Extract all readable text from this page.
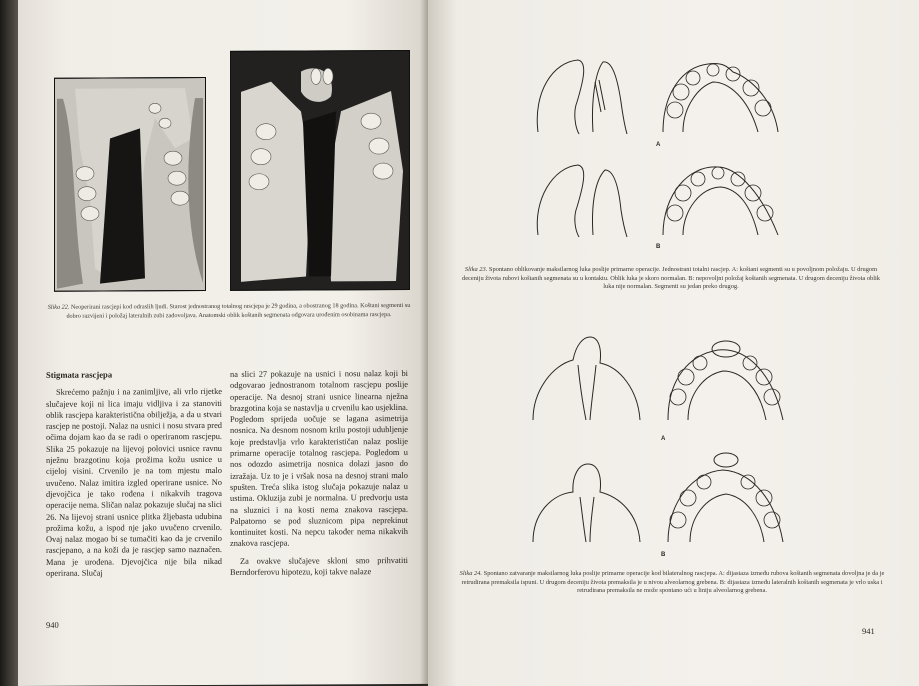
Slika 22. Neoperirani rascjepi kod odraslih ljudi. Starost jednostranog totalnog rascjepa je 29 godina, a obostranog 18 godina. Koštani segmenti su dobro razvijeni i položaj lateralnih zubi zadovoljava. Anatomski oblik koštanih segmenata odgovara urođenim osobinama rascjepa.
Stigmata rascjepa

Skrećemo pažnju i na zanimljive, ali vrlo rijetke slučajeve koji ni lica imaju vidljiva i za stanoviti oblik rascjepa karakteristična obilježja, a da u stvari rascjep ne postoji. Nalaz na usnici i nosu stvara pred očima dojam kao da se radi o operiranom rascjepu. Slika 25 pokazuje na lijevoj polovici usnice ravnu nježnu brazgotinu koja prožima kožu usnice u cijeloj visini. Crvenilo je na tom mjestu malo uvučeno. Nalaz imitira izgled operirane usnice. No djevojčica je tako rođena i nikakvih tragova operacije nema. Sličan nalaz pokazuje slučaj na slici 26. Na lijevoj strani usnice plitka žljebasta udubina prožima kožu, a ispod nje jako uvučeno crvenilo. Ovaj nalaz mogao bi se tumačiti kao da je crvenilo rascjepano, a na koži da je rascjep samo naznačen. Mana je urođena. Djevojčica nije bila nikad operirana. Slučaj

na slici 27 pokazuje na usnici i nosu nalaz koji bi odgovarao jednostranom totalnom rascjepu poslije operacije. Na desnoj strani usnice linearna nježna brazgotina koja se nastavlja u crvenilu kao usjeklina. Pogledom sprijeda uočuje se lagana asimetrija nosnica. Na desnom nosnom krilu postoji udubljenje koje predstavlja vrlo karakterističan nalaz poslije primarne operacije totalnog rascjepa. Pogledom u nos odozdo asimetrija nosnica dolazi jasno do izražaja. Uz to je i vršak nosa na desnoj strani malo spušten. Treća slika istog slučaja pokazuje nalaz u ustima. Okluzija zubi je normalna. U predvorju usta na sluznici i na kosti nema znakova rascjepa. Palpatorno se pod sluznicom pipa neprekinut kontinuitet kosti. Na nepcu također nema nikakvih znakova rascjepa.

Za ovakve slučajeve skloni smo prihvatiti Berndorferovu hipotezu, koji takve nalaze

940
A
B
Slika 23. Spontano oblikovanje maksilarnog luka poslije primarne operacije. Jednostrani totalni rascjep. A: koštani segmenti su u povoljnom položaju. U drugom deceniju života rubovi koštanih segmenata su u kontaktu. Oblik luka je skoro normalan. B: nepovoljni položaj koštanih segmenata. U drugom deceniju života oblik luka nije normalan. Segmenti su jedan preko drugog.
A
B
Slika 24. Spontano zatvaranje maksilarnog luka poslije primarne operacije kod bilateralnog rascjepa. A: dijastaza između rubova koštanih segmenata dovoljna je da je retrudirana premaksila ispuni. U drugom deceniju života premaksila je u nivou alveolarnog grebena. B: dijastaza između lateralnih koštanih segmenata je vrlo uska i retrudirana premaksila ne može spontano ući u liniju alveolarnog grebena.
941
